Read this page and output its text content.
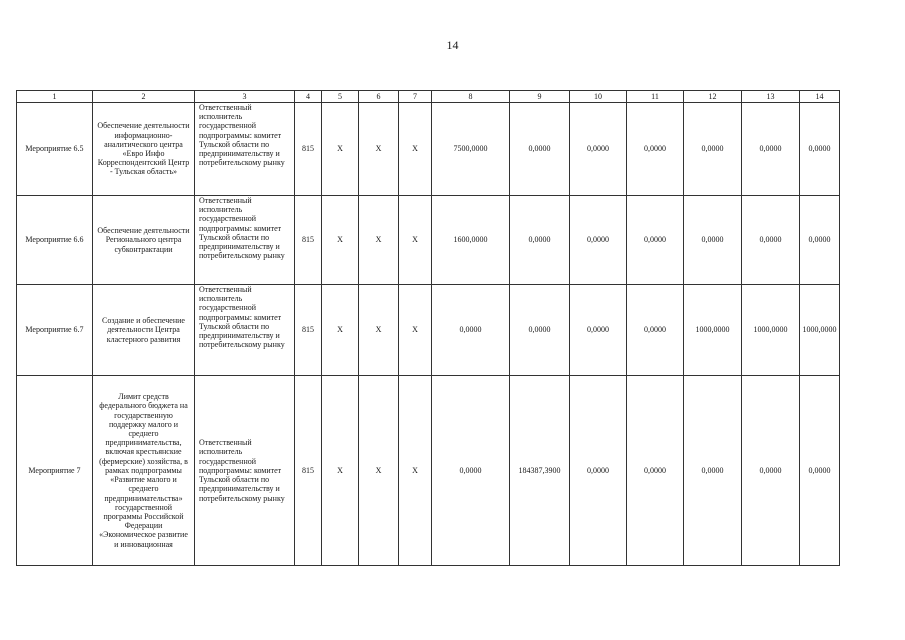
14
1	2	3	4	5	6	7	8	9	10	11	12	13	14
Мероприятие 6.5	Обеспечение деятельности информационно-аналитического центра «Евро Инфо Корреспондентский Центр - Тульская область»	Ответственный исполнитель государственной подпрограммы: комитет Тульской области по предпринимательству и потребительскому рынку	815	X	X	X	7500,0000	0,0000	0,0000	0,0000	0,0000	0,0000	0,0000
Мероприятие 6.6	Обеспечение деятельности Регионального центра субконтрактации	Ответственный исполнитель государственной подпрограммы: комитет Тульской области по предпринимательству и потребительскому рынку	815	X	X	X	1600,0000	0,0000	0,0000	0,0000	0,0000	0,0000	0,0000
Мероприятие 6.7	Создание и обеспечение деятельности Центра кластерного развития	Ответственный исполнитель государственной подпрограммы: комитет Тульской области по предпринимательству и потребительскому рынку	815	X	X	X	0,0000	0,0000	0,0000	0,0000	1000,0000	1000,0000	1000,0000
Мероприятие 7	Лимит средств федерального бюджета на государственную поддержку малого и среднего предпринимательства, включая крестьянские (фермерские) хозяйства, в рамках подпрограммы «Развитие малого и среднего предпринимательства» государственной программы Российской Федерации «Экономическое развитие и инновационная	Ответственный исполнитель государственной подпрограммы: комитет Тульской области по предпринимательству и потребительскому рынку	815	X	X	X	0,0000	184387,3900	0,0000	0,0000	0,0000	0,0000	0,0000
